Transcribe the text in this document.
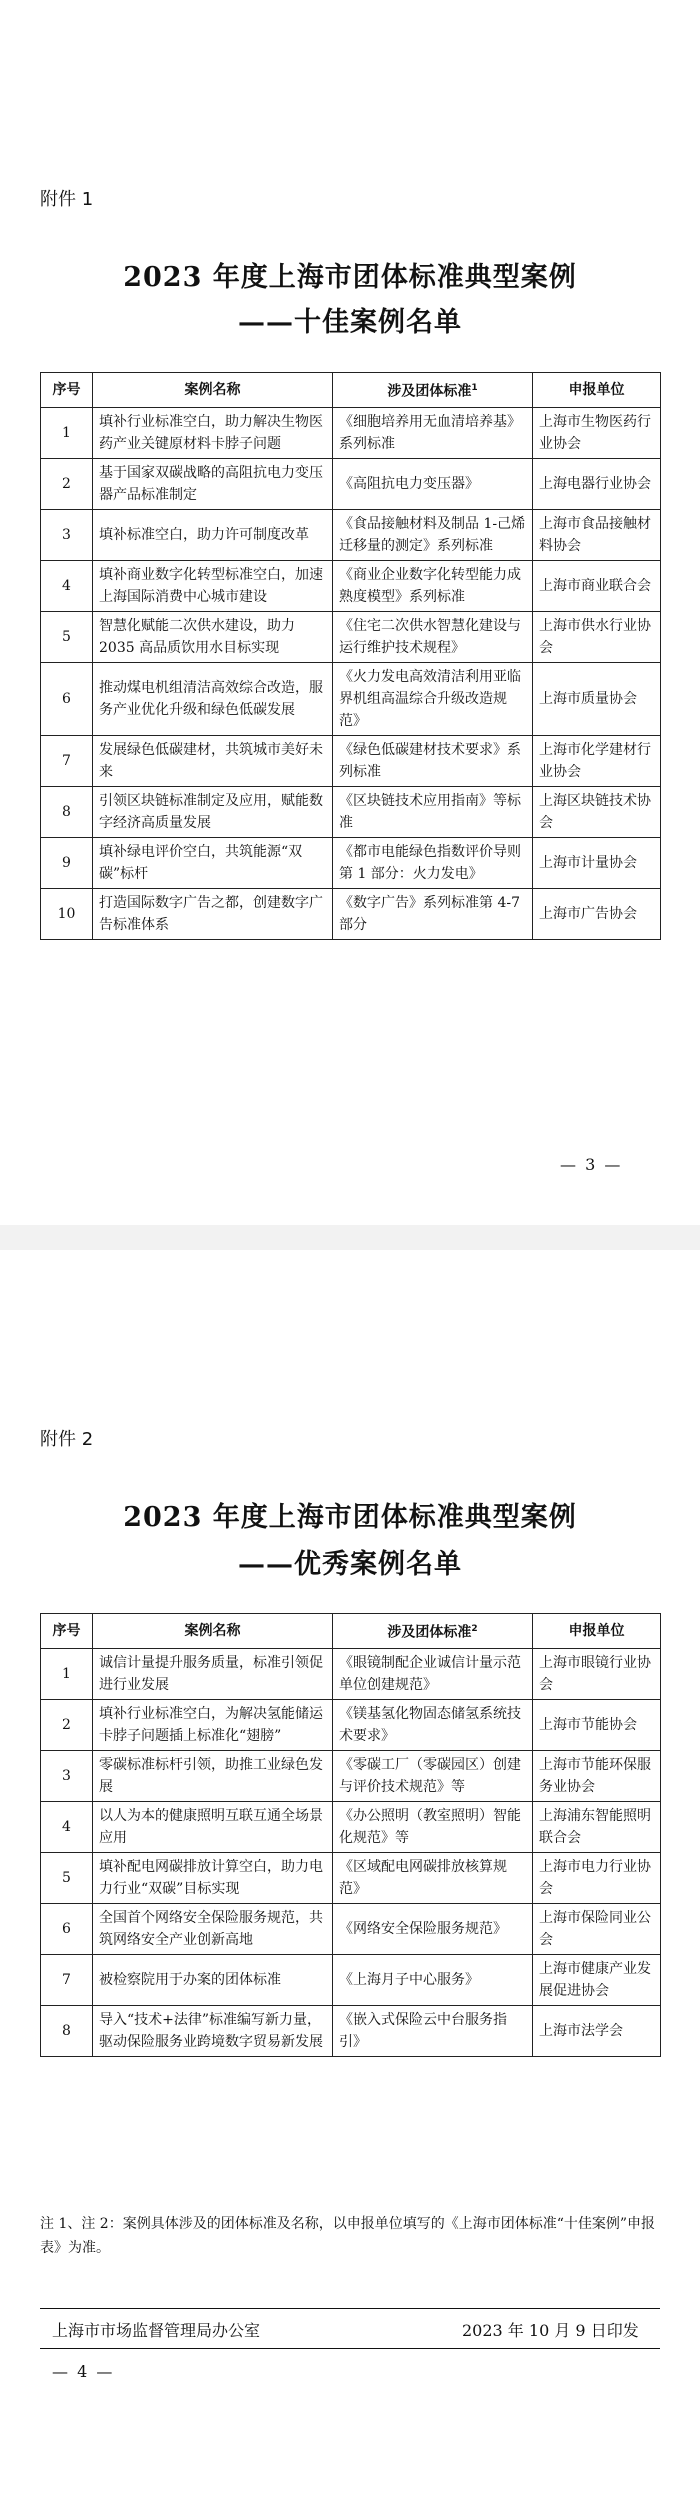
附件 1
2023 年度上海市团体标准典型案例
——十佳案例名单
序号	案例名称	涉及团体标准$^1$	申报单位
1	填补行业标准空白，助力解决生物医药产业关键原材料卡脖子问题	《细胞培养用无血清培养基》系列标准	上海市生物医药行业协会
2	基于国家双碳战略的高阻抗电力变压器产品标准制定	《高阻抗电力变压器》	上海电器行业协会
3	填补标准空白，助力许可制度改革	《食品接触材料及制品 1-己烯迁移量的测定》系列标准	上海市食品接触材料协会
4	填补商业数字化转型标准空白，加速上海国际消费中心城市建设	《商业企业数字化转型能力成熟度模型》系列标准	上海市商业联合会
5	智慧化赋能二次供水建设，助力 2035 高品质饮用水目标实现	《住宅二次供水智慧化建设与运行维护技术规程》	上海市供水行业协会
6	推动煤电机组清洁高效综合改造，服务产业优化升级和绿色低碳发展	《火力发电高效清洁利用亚临界机组高温综合升级改造规范》	上海市质量协会
7	发展绿色低碳建材，共筑城市美好未来	《绿色低碳建材技术要求》系列标准	上海市化学建材行业协会
8	引领区块链标准制定及应用，赋能数字经济高质量发展	《区块链技术应用指南》等标准	上海区块链技术协会
9	填补绿电评价空白，共筑能源“双碳”标杆	《都市电能绿色指数评价导则 第 1 部分：火力发电》	上海市计量协会
10	打造国际数字广告之都，创建数字广告标准体系	《数字广告》系列标准第 4-7 部分	上海市广告协会
— 3 —
附件 2
2023 年度上海市团体标准典型案例
——优秀案例名单
序号	案例名称	涉及团体标准$^2$	申报单位
1	诚信计量提升服务质量，标准引领促进行业发展	《眼镜制配企业诚信计量示范单位创建规范》	上海市眼镜行业协会
2	填补行业标准空白，为解决氢能储运卡脖子问题插上标准化“翅膀”	《镁基氢化物固态储氢系统技术要求》	上海市节能协会
3	零碳标准标杆引领，助推工业绿色发展	《零碳工厂（零碳园区）创建与评价技术规范》等	上海市节能环保服务业协会
4	以人为本的健康照明互联互通全场景应用	《办公照明（教室照明）智能化规范》等	上海浦东智能照明联合会
5	填补配电网碳排放计算空白，助力电力行业“双碳”目标实现	《区域配电网碳排放核算规范》	上海市电力行业协会
6	全国首个网络安全保险服务规范，共筑网络安全产业创新高地	《网络安全保险服务规范》	上海市保险同业公会
7	被检察院用于办案的团体标准	《上海月子中心服务》	上海市健康产业发展促进协会
8	导入“技术+法律”标准编写新力量，驱动保险服务业跨境数字贸易新发展	《嵌入式保险云中台服务指引》	上海市法学会
注 1、注 2：案例具体涉及的团体标准及名称，以申报单位填写的《上海市团体标准“十佳案例”申报表》为准。
上海市市场监督管理局办公室	2023 年 10 月 9 日印发
— 4 —
